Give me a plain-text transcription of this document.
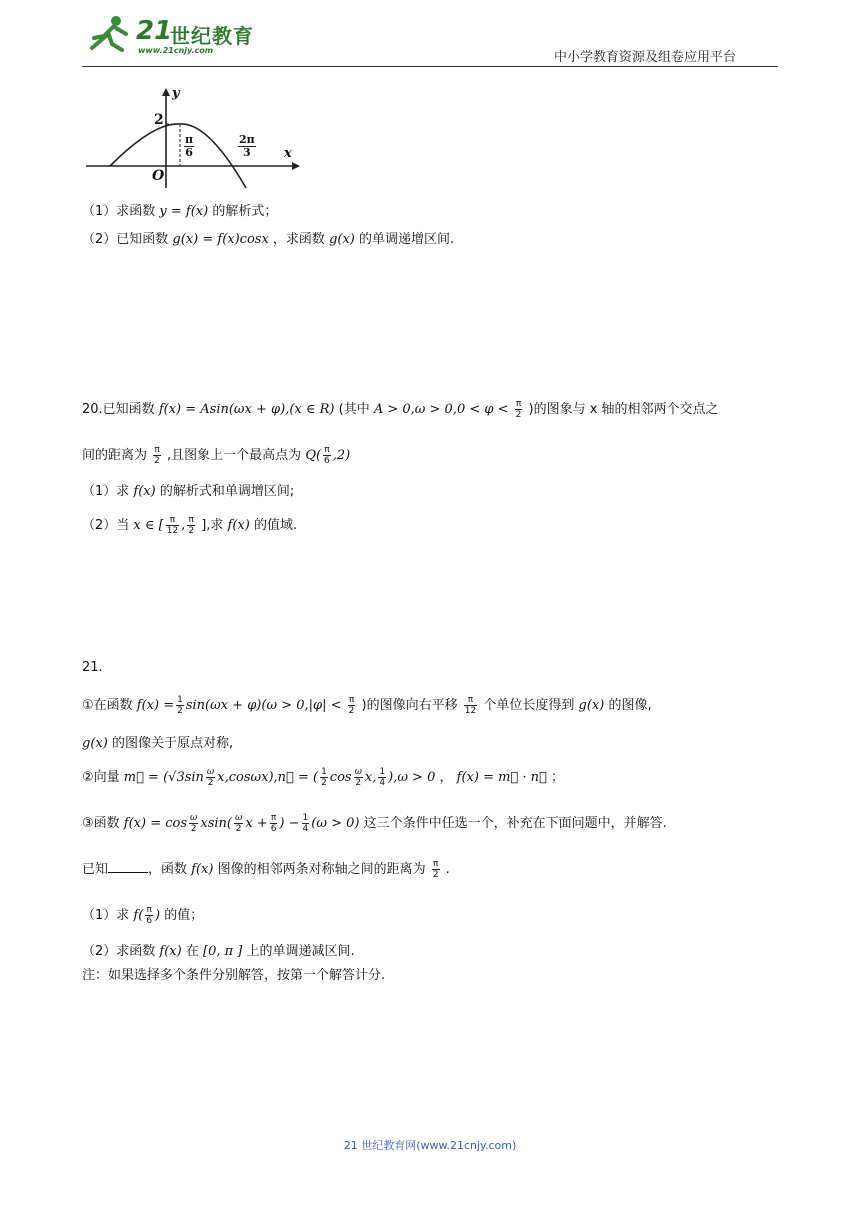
21
世纪教育
www.21cnjy.com	中小学教育资源及组卷应用平台
y
x
O
2
$\frac{\pi}{6}$	$\frac{2\pi}{3}$
（1）求函数 y = f(x) 的解析式；
（2）已知函数 g(x) = f(x)cosx ，求函数 g(x) 的单调递增区间.
20.已知函数 f(x) = Asin(ωx + φ),(x ∈ R) (其中 $A > 0,\omega > 0,0 < \varphi < \frac{\pi}{2}$ )的图象与 x 轴的相邻两个交点之
间的距离为 $\frac{\pi}{2}$ ,且图象上一个最高点为 $Q( \frac{\pi}{6} ,2)$
（1）求 f(x) 的解析式和单调增区间;
（2）当 x ∈ [ $\frac{\pi}{12}$ , $\frac{\pi}{2}$ ],求 f(x) 的值域.
21.
①在函数 $f(x) = \frac{1}{2} \sin(\omega x + \varphi)(\omega > 0,|\varphi| < \frac{\pi}{2}$ )的图像向右平移 $\frac{\pi}{12}$ 个单位长度得到 g(x) 的图像,
g(x) 的图像关于原点对称,
②向量 m⃗ = ($√3\sin \frac{\omega}{2}$ x,cosωx),n⃗ = ( $\frac{1}{2}$ $\cos \frac{\omega}{2} x$, $\frac{1}{4} ),\omega > 0$ ， f(x) = m⃗ · n⃗ ；
③函数 $f(x) = \cos \frac{\omega}{2} xsin( \frac{\omega}{2}$ $x + \frac{\pi}{6}$ ) − $\frac{1}{4} (\omega > 0)$ 这三个条件中任选一个，补充在下面问题中，并解答.
已知	，函数 f(x) 图像的相邻两条对称轴之间的距离为 $\frac{\pi}{2}$ .
（1）求 $f( \frac{\pi}{6}$ ) 的值；
（2）求函数 f(x) 在 [0, π ] 上的单调递减区间.
注：如果选择多个条件分别解答，按第一个解答计分.
21 世纪教育网(www.21cnjy.com)
